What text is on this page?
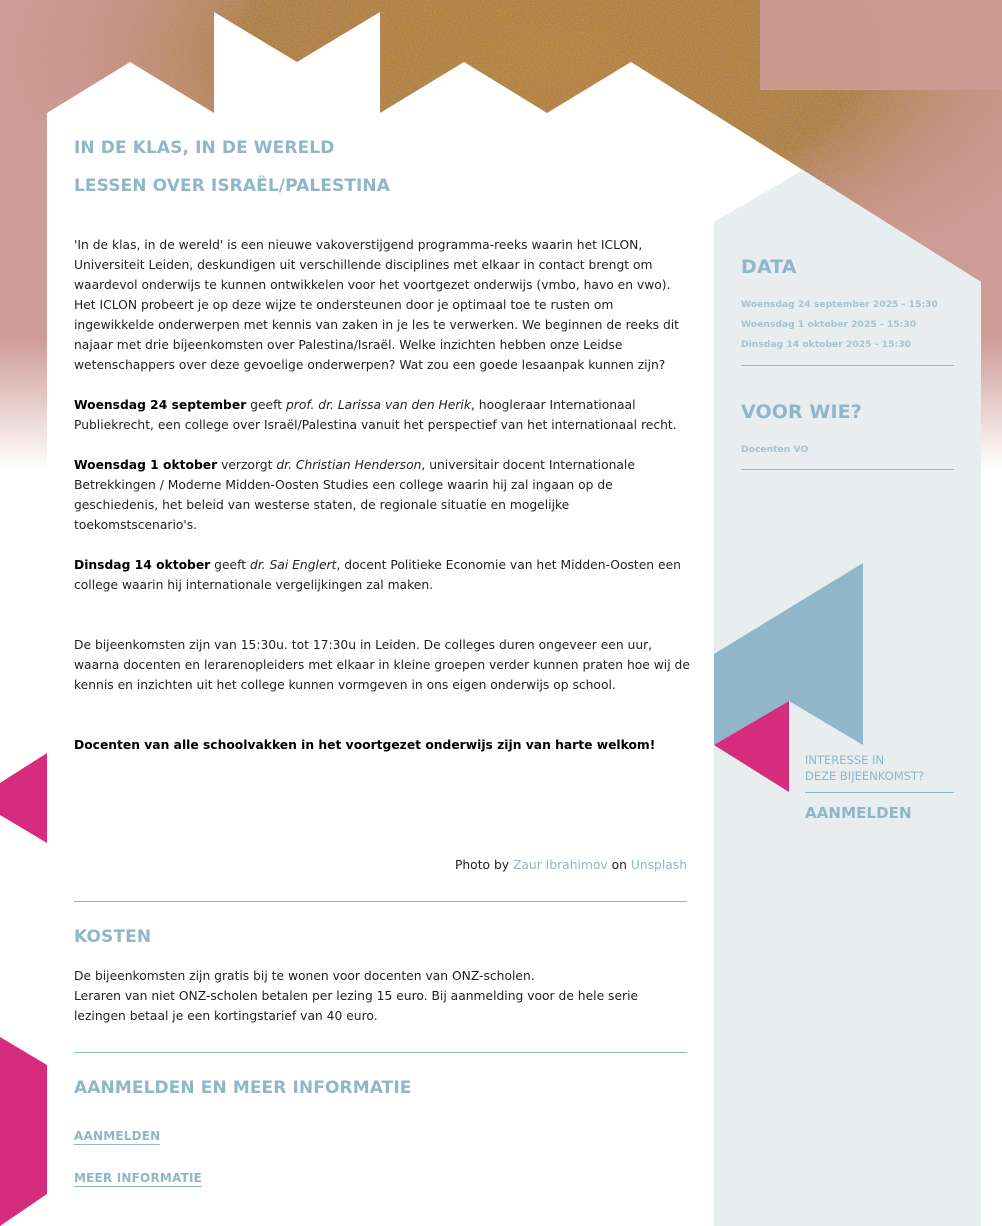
IN DE KLAS, IN DE WERELD
LESSEN OVER ISRAËL/PALESTINA

'In de klas, in de wereld' is een nieuwe vakoverstijgend programma-reeks waarin het ICLON, Universiteit Leiden, deskundigen uit verschillende disciplines met elkaar in contact brengt om waardevol onderwijs te kunnen ontwikkelen voor het voortgezet onderwijs (vmbo, havo en vwo).

Het ICLON probeert je op deze wijze te ondersteunen door je optimaal toe te rusten om ingewikkelde onderwerpen met kennis van zaken in je les te verwerken. We beginnen de reeks dit najaar met drie bijeenkomsten over Palestina/Israël. Welke inzichten hebben onze Leidse wetenschappers over deze gevoelige onderwerpen? Wat zou een goede lesaanpak kunnen zijn?

Woensdag 24 september geeft prof. dr. Larissa van den Herik, hoogleraar Internationaal Publiekrecht, een college over Israël/Palestina vanuit het perspectief van het internationaal recht.

Woensdag 1 oktober verzorgt dr. Christian Henderson, universitair docent Internationale Betrekkingen / Moderne Midden-Oosten Studies een college waarin hij zal ingaan op de geschiedenis, het beleid van westerse staten, de regionale situatie en mogelijke toekomstscenario's.

Dinsdag 14 oktober geeft dr. Sai Englert, docent Politieke Economie van het Midden-Oosten een college waarin hij internationale vergelijkingen zal maken.

De bijeenkomsten zijn van 15:30u. tot 17:30u in Leiden. De colleges duren ongeveer een uur, waarna docenten en lerarenopleiders met elkaar in kleine groepen verder kunnen praten hoe wij de kennis en inzichten uit het college kunnen vormgeven in ons eigen onderwijs op school.

Docenten van alle schoolvakken in het voortgezet onderwijs zijn van harte welkom!

Photo by Zaur Ibrahimov on Unsplash
KOSTEN

De bijeenkomsten zijn gratis bij te wonen voor docenten van ONZ-scholen.

Leraren van niet ONZ-scholen betalen per lezing 15 euro. Bij aanmelding voor de hele serie lezingen betaal je een kortingstarief van 40 euro.

AANMELDEN EN MEER INFORMATIE
AANMELDEN
MEER INFORMATIE
DATA

Woensdag 24 september 2025 - 15:30

Woensdag 1 oktober 2025 - 15:30

Dinsdag 14 oktober 2025 - 15:30

VOOR WIE?

Docenten VO

INTERESSE IN
DEZE BIJEENKOMST?
AANMELDEN
